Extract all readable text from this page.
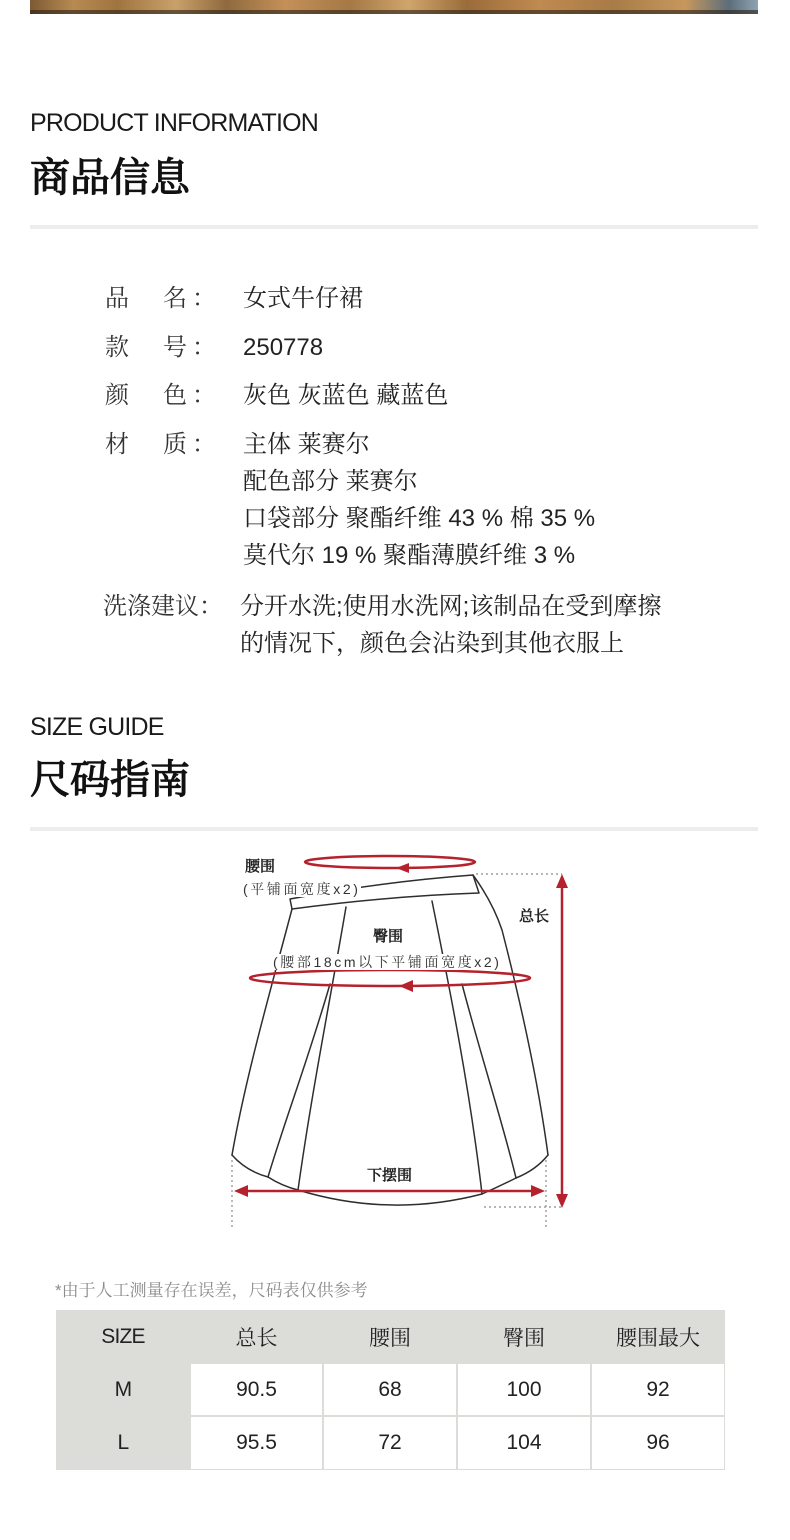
PRODUCT INFORMATION
商品信息
品　名： 女式牛仔裙
款　号： 250778
颜　色： 灰色 灰蓝色 藏蓝色
材　质： 主体 莱赛尔
配色部分 莱赛尔
口袋部分 聚酯纤维 43 % 棉 35 %
莫代尔 19 % 聚酯薄膜纤维 3 %
洗涤建议： 分开水洗;使用水洗网;该制品在受到摩擦
的情况下，颜色会沾染到其他衣服上
SIZE GUIDE
尺码指南
腰围
(平铺面宽度x2)
臀围
(腰部18cm以下平铺面宽度x2)
总长
下摆围
*由于人工测量存在误差，尺码表仅供参考
SIZE	总长	腰围	臀围	腰围最大
M	90.5	68	100	92
L	95.5	72	104	96
